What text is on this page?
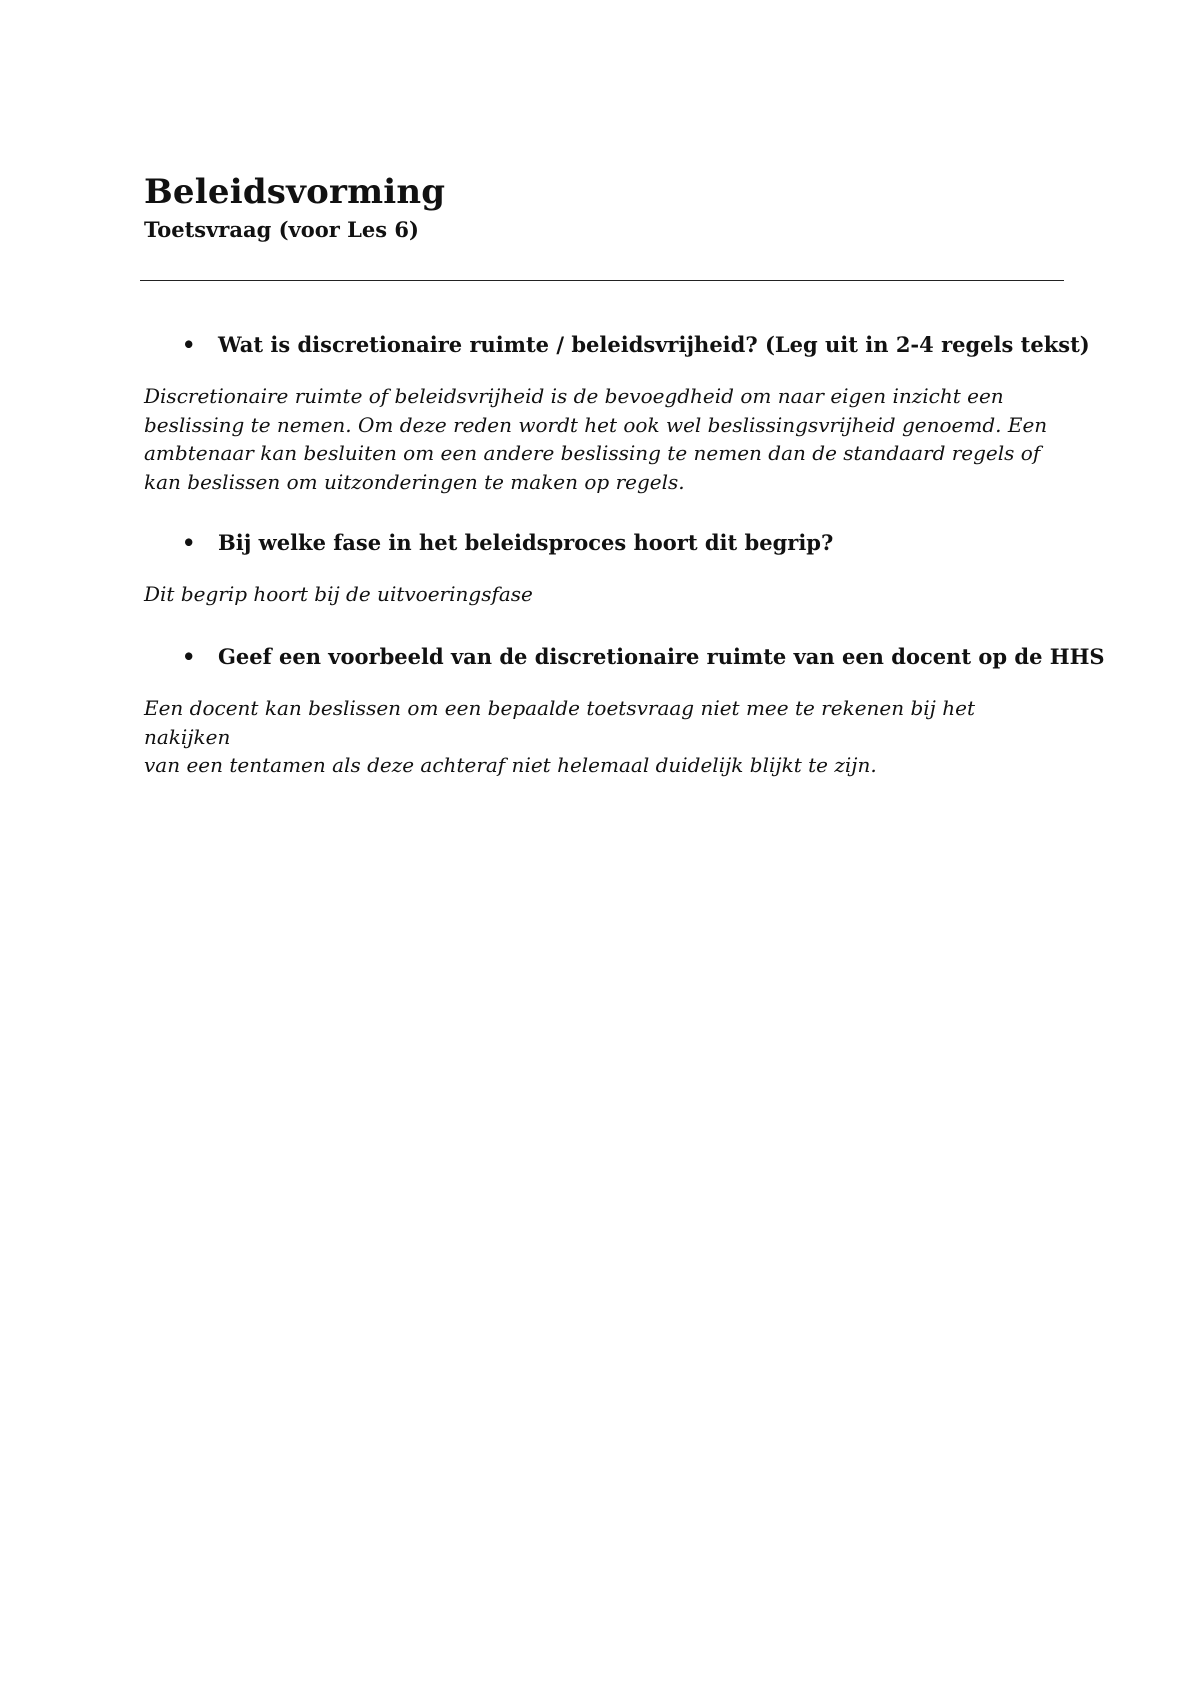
Beleidsvorming
Toetsvraag (voor Les 6)
• Wat is discretionaire ruimte / beleidsvrijheid? (Leg uit in 2-4 regels tekst)
Discretionaire ruimte of beleidsvrijheid is de bevoegdheid om naar eigen inzicht een
beslissing te nemen. Om deze reden wordt het ook wel beslissingsvrijheid genoemd. Een
ambtenaar kan besluiten om een andere beslissing te nemen dan de standaard regels of
kan beslissen om uitzonderingen te maken op regels.
• Bij welke fase in het beleidsproces hoort dit begrip?
Dit begrip hoort bij de uitvoeringsfase
• Geef een voorbeeld van de discretionaire ruimte van een docent op de HHS
Een docent kan beslissen om een bepaalde toetsvraag niet mee te rekenen bij het nakijken
van een tentamen als deze achteraf niet helemaal duidelijk blijkt te zijn.
